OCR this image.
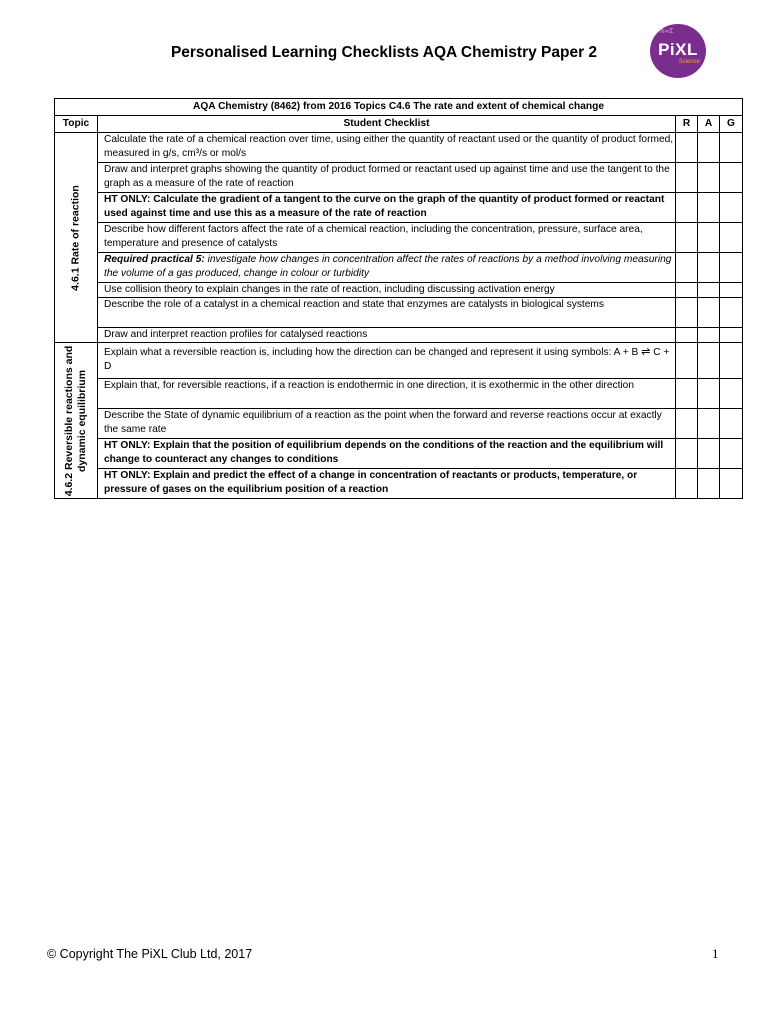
Personalised Learning Checklists AQA Chemistry Paper 2
%∞Σ
PiXL
Science
AQA Chemistry (8462) from 2016 Topics C4.6 The rate and extent of chemical change				
Topic	Student Checklist	R	A	G

4.6.1 Rate of reaction	Calculate the rate of a chemical reaction over time, using either the quantity of reactant used or the quantity of product formed, measured in g/s, cm³/s or mol/s			
	Draw and interpret graphs showing the quantity of product formed or reactant used up against time and use the tangent to the graph as a measure of the rate of reaction			
	HT ONLY: Calculate the gradient of a tangent to the curve on the graph of the quantity of product formed or reactant used against time and use this as a measure of the rate of reaction			
	Describe how different factors affect the rate of a chemical reaction, including the concentration, pressure, surface area, temperature and presence of catalysts			
	Required practical 5: investigate how changes in concentration affect the rates of reactions by a method involving measuring the volume of a gas produced, change in colour or turbidity			
	Use collision theory to explain changes in the rate of reaction, including discussing activation energy			
	Describe the role of a catalyst in a chemical reaction and state that enzymes are catalysts in biological systems			
	Draw and interpret reaction profiles for catalysed reactions			

4.6.2 Reversible reactions and dynamic equilibrium	Explain what a reversible reaction is, including how the direction can be changed and represent it using symbols: A + B ⇌ C + D			
	Explain that, for reversible reactions, if a reaction is endothermic in one direction, it is exothermic in the other direction			
	Describe the State of dynamic equilibrium of a reaction as the point when the forward and reverse reactions occur at exactly the same rate			
	HT ONLY: Explain that the position of equilibrium depends on the conditions of the reaction and the equilibrium will change to counteract any changes to conditions			
	HT ONLY: Explain and predict the effect of a change in concentration of reactants or products, temperature, or pressure of gases on the equilibrium position of a reaction			
© Copyright The PiXL Club Ltd, 2017	1
